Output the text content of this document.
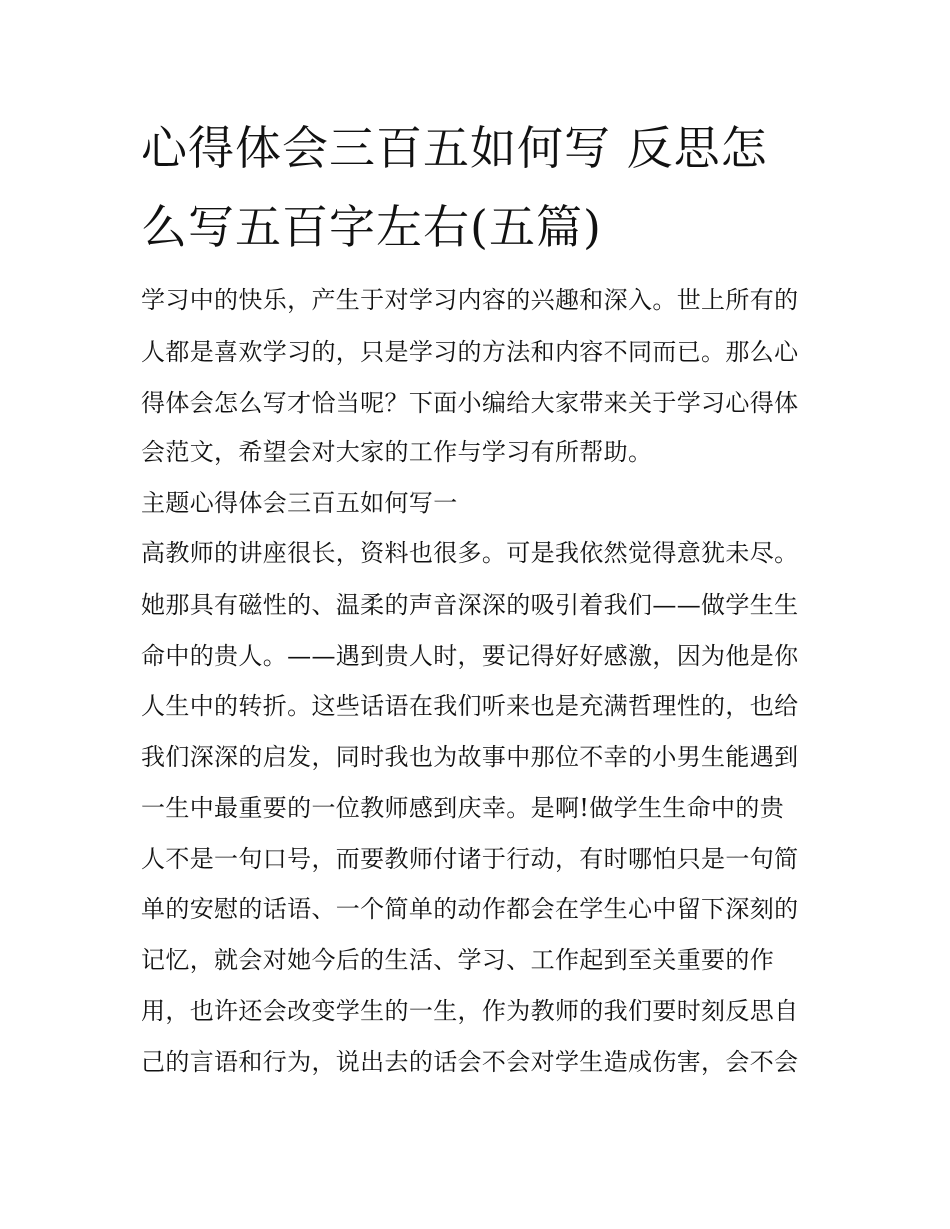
心得体会三百五如何写 反思怎
么写五百字左右(五篇)
学习中的快乐，产生于对学习内容的兴趣和深入。世上所有的
人都是喜欢学习的，只是学习的方法和内容不同而已。那么心
得体会怎么写才恰当呢？下面小编给大家带来关于学习心得体
会范文，希望会对大家的工作与学习有所帮助。
主题心得体会三百五如何写一
高教师的讲座很长，资料也很多。可是我依然觉得意犹未尽。
她那具有磁性的、温柔的声音深深的吸引着我们——做学生生
命中的贵人。——遇到贵人时，要记得好好感激，因为他是你
人生中的转折。这些话语在我们听来也是充满哲理性的，也给
我们深深的启发，同时我也为故事中那位不幸的小男生能遇到
一生中最重要的一位教师感到庆幸。是啊!做学生生命中的贵
人不是一句口号，而要教师付诸于行动，有时哪怕只是一句简
单的安慰的话语、一个简单的动作都会在学生心中留下深刻的
记忆，就会对她今后的生活、学习、工作起到至关重要的作
用，也许还会改变学生的一生，作为教师的我们要时刻反思自
己的言语和行为，说出去的话会不会对学生造成伤害，会不会
